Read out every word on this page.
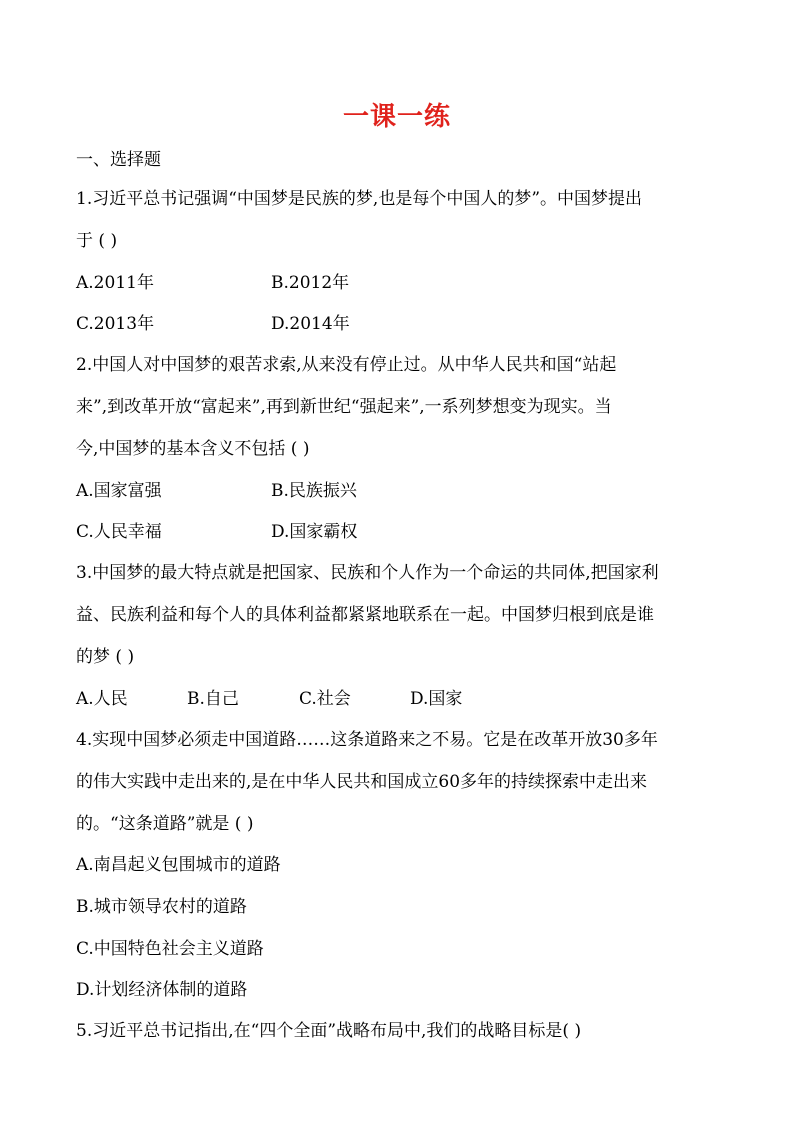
一课一练
一、选择题
1.习近平总书记强调“中国梦是民族的梦,也是每个中国人的梦”。中国梦提出
于 ( )
A.2011年	B.2012年
C.2013年	D.2014年
2.中国人对中国梦的艰苦求索,从来没有停止过。从中华人民共和国“站起
来”,到改革开放“富起来”,再到新世纪“强起来”,一系列梦想变为现实。当
今,中国梦的基本含义不包括 ( )
A.国家富强	B.民族振兴
C.人民幸福	D.国家霸权
3.中国梦的最大特点就是把国家、民族和个人作为一个命运的共同体,把国家利
益、民族利益和每个人的具体利益都紧紧地联系在一起。中国梦归根到底是谁
的梦 ( )
A.人民	B.自己	C.社会	D.国家
4.实现中国梦必须走中国道路……这条道路来之不易。它是在改革开放30多年
的伟大实践中走出来的,是在中华人民共和国成立60多年的持续探索中走出来
的。“这条道路”就是 ( )
A.南昌起义包围城市的道路
B.城市领导农村的道路
C.中国特色社会主义道路
D.计划经济体制的道路
5.习近平总书记指出,在“四个全面”战略布局中,我们的战略目标是( )
